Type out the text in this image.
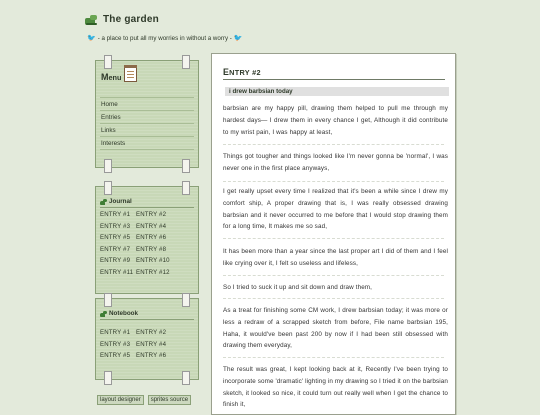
The garden
🐦 - a place to put all my worries in without a worry - 🐦
Menu
Home
Entries
Links
Interests
Journal
ENTRY #1 ENTRY #2
ENTRY #3 ENTRY #4
ENTRY #5 ENTRY #6
ENTRY #7 ENTRY #8
ENTRY #9 ENTRY #10
ENTRY #11 ENTRY #12
Notebook
ENTRY #1 ENTRY #2
ENTRY #3 ENTRY #4
ENTRY #5 ENTRY #6
layout designer	sprites source
ENTRY #2
i drew barbsian today
barbsian are my happy pill, drawing them helped to pull me through my hardest days— I drew them in every chance I get, Although it did contribute to my wrist pain, I was happy at least,
Things got tougher and things looked like I'm never gonna be 'normal', I was never one in the first place anyways,
I get really upset every time I realized that it's been a while since I drew my comfort ship, A proper drawing that is, I was really obsessed drawing barbsian and it never occurred to me before that I would stop drawing them for a long time, It makes me so sad,
It has been more than a year since the last proper art I did of them and I feel like crying over it, I felt so useless and lifeless,
So I tried to suck it up and sit down and draw them,
As a treat for finishing some CM work, I drew barbsian today; it was more or less a redraw of a scrapped sketch from before, File name barbsian 195, Haha, it would've been past 200 by now if I had been still obsessed with drawing them everyday,
The result was great, I kept looking back at it, Recently I've been trying to incorporate some 'dramatic' lighting in my drawing so I tried it on the barbsian sketch, it looked so nice, it could turn out really well when I get the chance to finish it,
